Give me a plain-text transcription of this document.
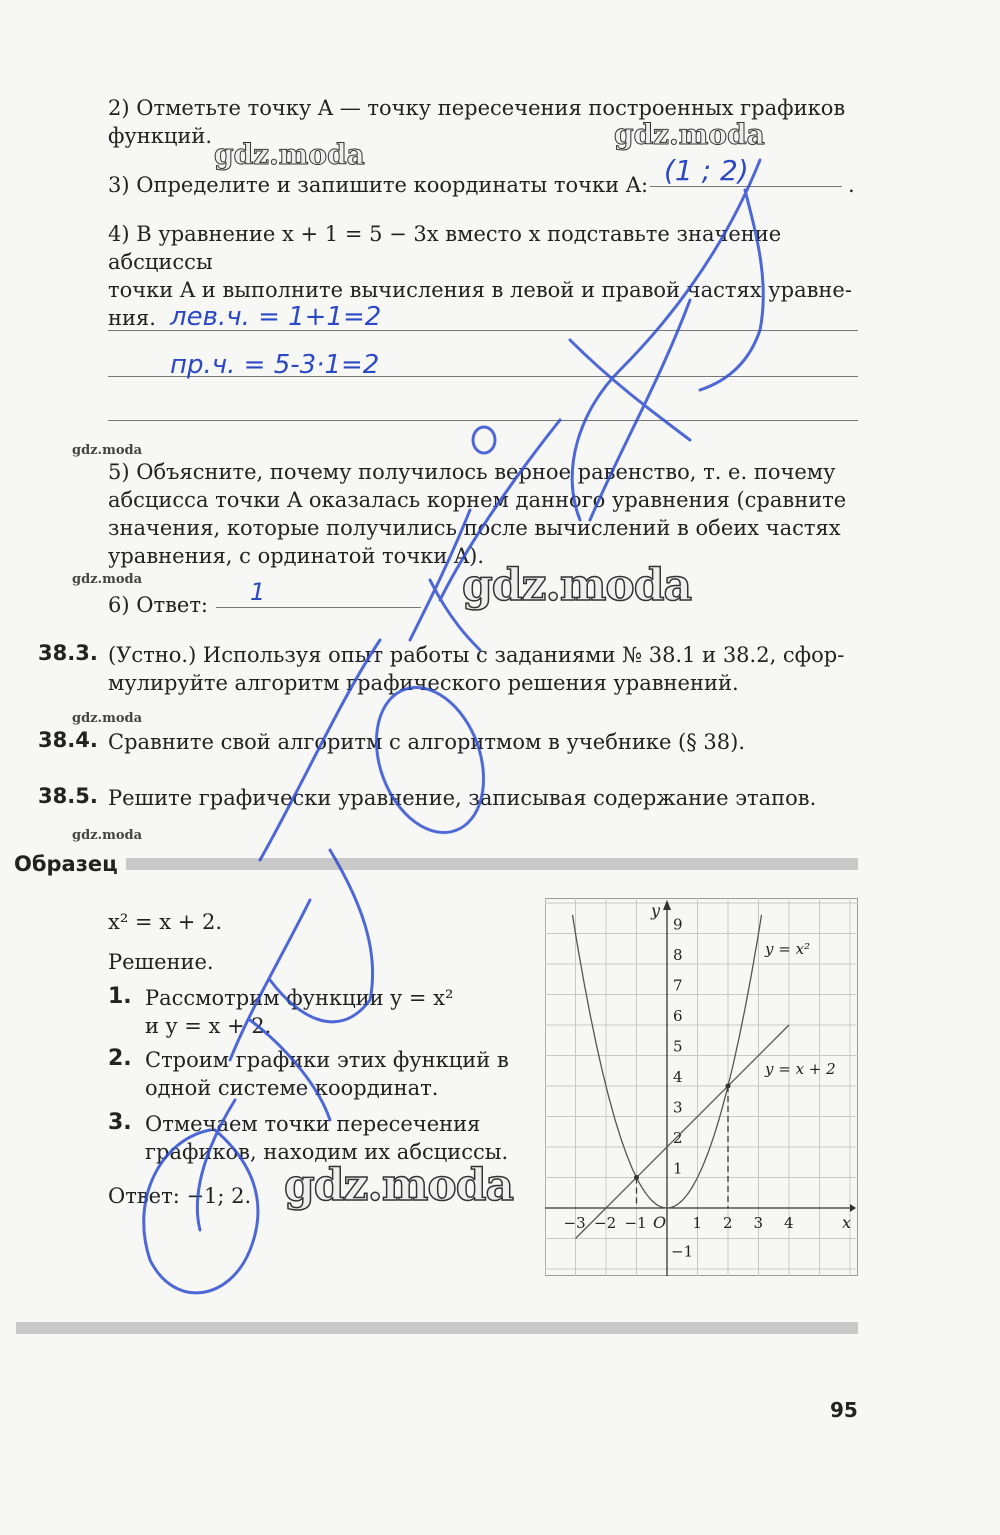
2) Отметьте точку A — точку пересечения построенных графиков
функций.	gdz.moda
gdz.moda
3) Определите и запишите координаты точки A:	.
(1 ; 2)
4) В уравнение x + 1 = 5 − 3x вместо x подставьте значение абсциссы
точки A и выполните вычисления в левой и правой частях уравне-
ния. лев.ч. = 1+1=2
пр.ч. = 5-3·1=2
gdz.moda
5) Объясните, почему получилось верное равенство, т. е. почему
абсцисса точки A оказалась корнем данного уравнения (сравните
значения, которые получились после вычислений в обеих частях
уравнения, с ординатой точки A).
gdz.moda
6) Ответ: 1	gdz.moda
38.3. (Устно.) Используя опыт работы с заданиями № 38.1 и 38.2, сфор-
мулируйте алгоритм графического решения уравнений.
gdz.moda
38.4. Сравните свой алгоритм с алгоритмом в учебнике (§ 38).
38.5. Решите графически уравнение, записывая содержание этапов.
gdz.moda
Образец
x² = x + 2.
Решение.
1. Рассмотрим функции y = x²
и y = x + 2.
2. Строим графики этих функций в
одной системе координат.
3. Отмечаем точки пересечения
графиков, находим их абсциссы.
Ответ: −1; 2. gdz.moda
−3 −2 −1	1 2 3 4
−1
1
2
3
4
5
6
7
8
9
x
y
O
y = x²
y = x + 2
95
